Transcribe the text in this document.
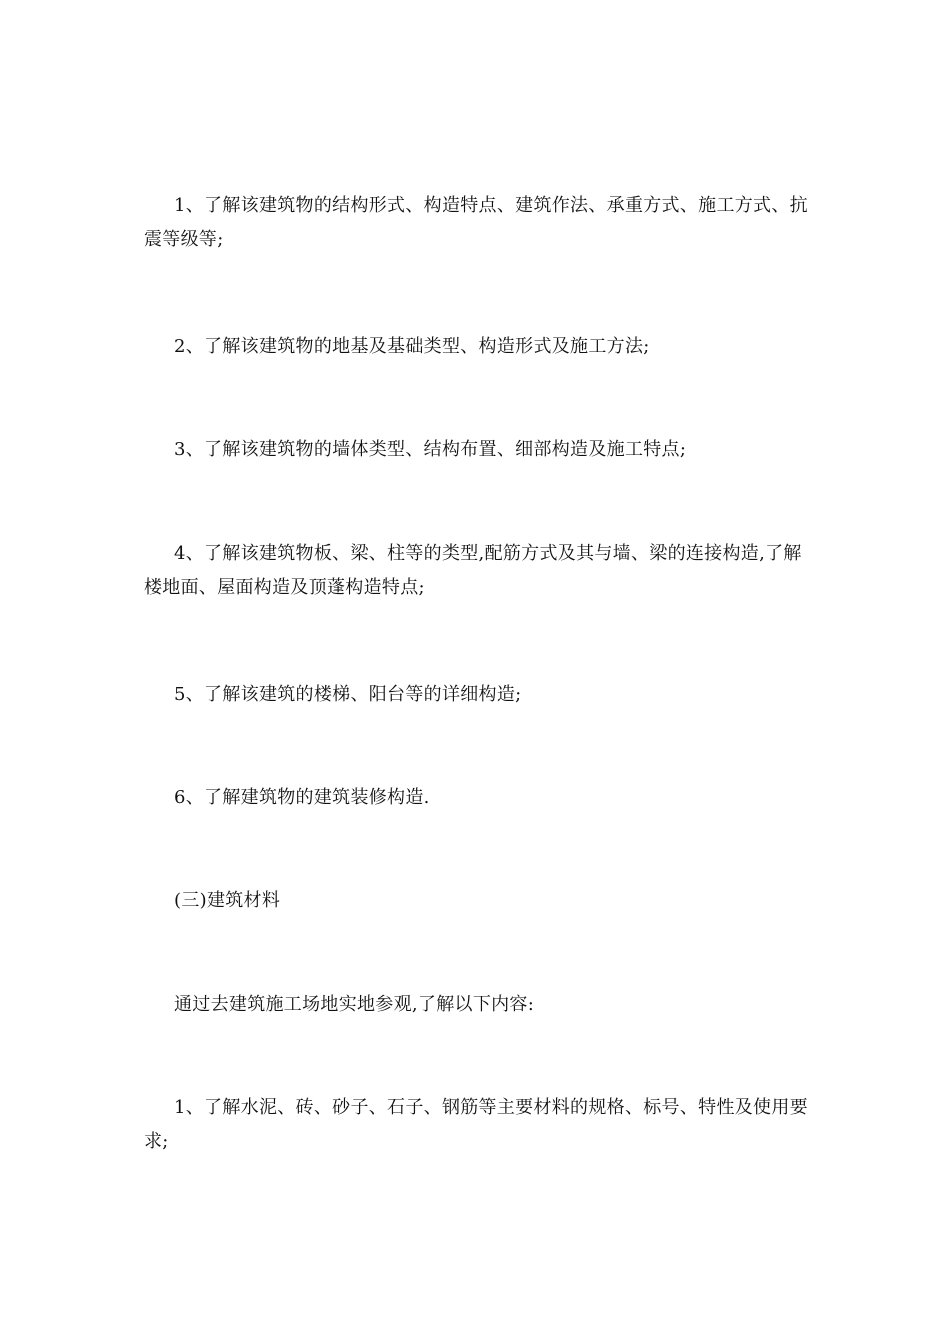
1、了解该建筑物的结构形式、构造特点、建筑作法、承重方式、施工方式、抗震等级等;

2、了解该建筑物的地基及基础类型、构造形式及施工方法;

3、了解该建筑物的墙体类型、结构布置、细部构造及施工特点;

4、了解该建筑物板、梁、柱等的类型,配筋方式及其与墙、梁的连接构造,了解楼地面、屋面构造及顶蓬构造特点;

5、了解该建筑的楼梯、阳台等的详细构造;

6、了解建筑物的建筑装修构造.

(三)建筑材料

通过去建筑施工场地实地参观,了解以下内容:

1、了解水泥、砖、砂子、石子、钢筋等主要材料的规格、标号、特性及使用要求;
